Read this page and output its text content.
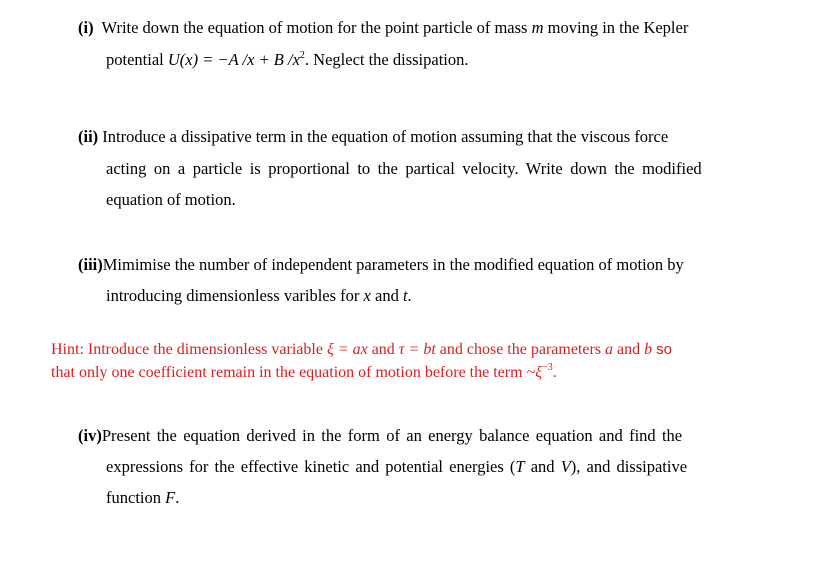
(i) Write down the equation of motion for the point particle of mass m moving in the Kepler
potential U(x) = −A /x + B $/x^2$. Neglect the dissipation.
(ii) Introduce a dissipative term in the equation of motion assuming that the viscous force
acting on a particle is proportional to the partical velocity. Write down the modified
equation of motion.
(iii)Mimimise the number of independent parameters in the modified equation of motion by
introducing dimensionless varibles for x and t.
Hint: Introduce the dimensionless variable ξ = ax and τ = bt and chose the parameters a and b so
that only one coefficient remain in the equation of motion before the term $\sim\xi^{-3}$.
(iv)Present the equation derived in the form of an energy balance equation and find the
expressions for the effective kinetic and potential energies (T and V), and dissipative
function F.
